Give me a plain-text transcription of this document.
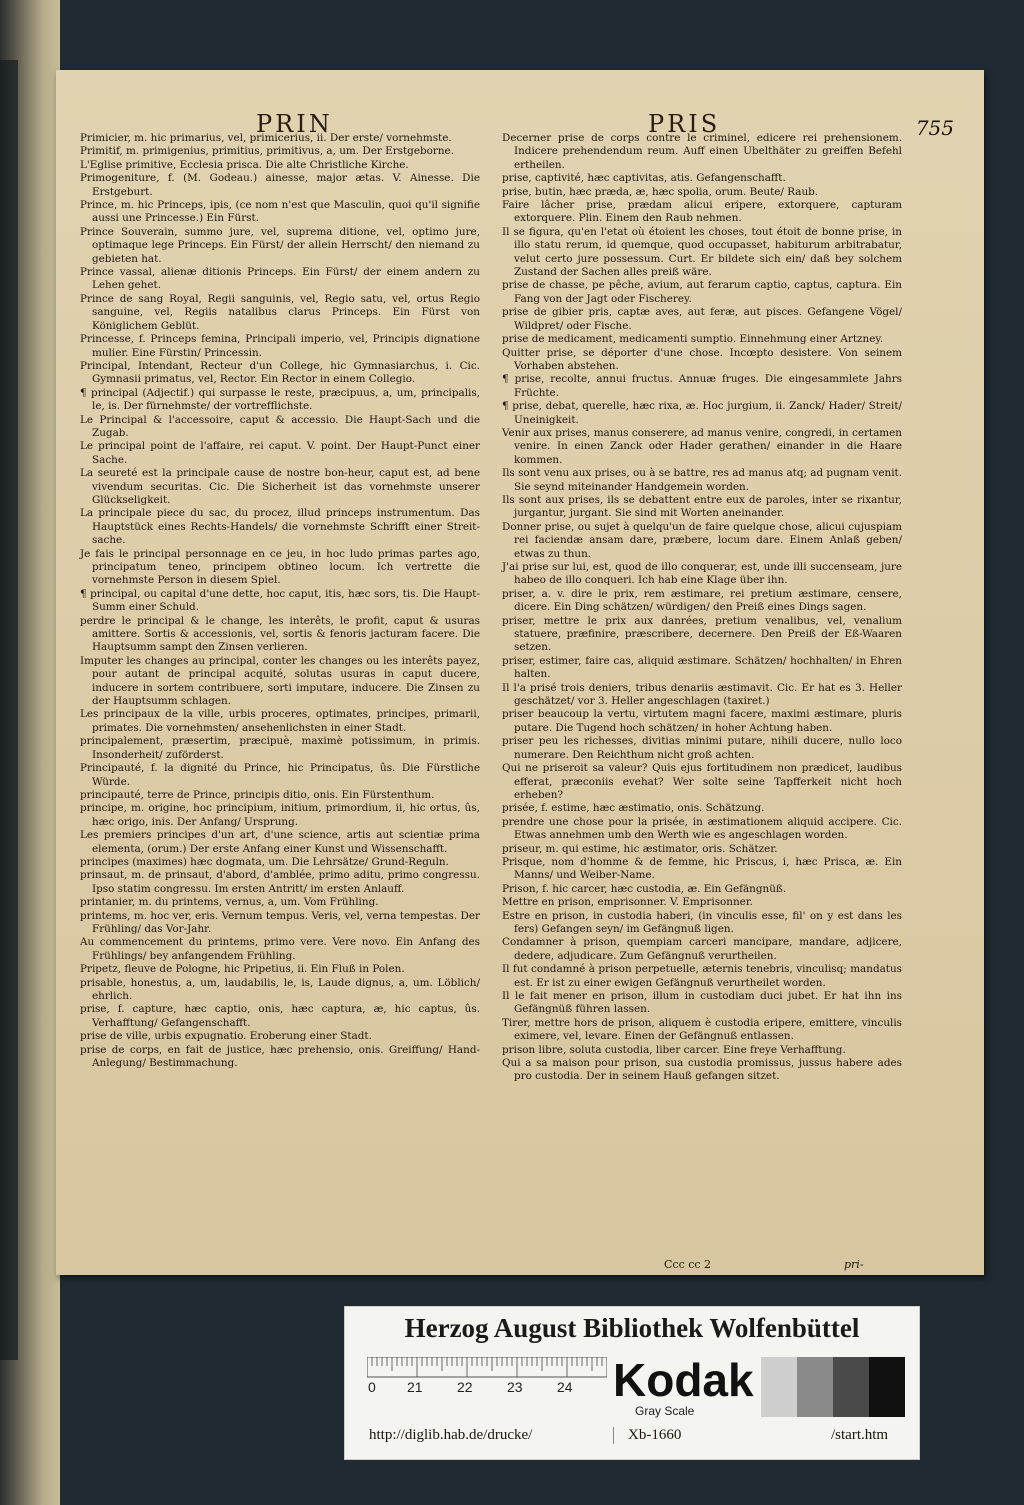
PRIN	PRIS	755

Primicier, m. hic primarius, vel, primicerius, ii. Der erste/ vornehmste.

Primitif, m. primigenius, primitius, primitivus, a, um. Der Erstgeborne.

L'Eglise primitive, Ecclesia prisca. Die alte Christliche Kirche.

Primogeniture, f. (M. Godeau.) ainesse, major ætas. V. Ainesse. Die Erstgeburt.

Prince, m. hic Princeps, ipis, (ce nom n'est que Masculin, quoi qu'il signifie aussi une Princesse.) Ein Fürst.

Prince Souverain, summo jure, vel, suprema ditione, vel, optimo jure, optimaque lege Princeps. Ein Fürst/ der allein Herrscht/ den niemand zu gebieten hat.

Prince vassal, alienæ ditionis Princeps. Ein Fürst/ der einem andern zu Lehen gehet.

Prince de sang Royal, Regii sanguinis, vel, Regio satu, vel, ortus Regio sanguine, vel, Regiis natalibus clarus Princeps. Ein Fürst von Königlichem Geblüt.

Princesse, f. Princeps femina, Principali imperio, vel, Principis dignatione mulier. Eine Fürstin/ Princessin.

Principal, Intendant, Recteur d'un College, hic Gymnasiarchus, i. Cic. Gymnasii primatus, vel, Rector. Ein Rector in einem Collegio.

¶ principal (Adjectif.) qui surpasse le reste, præcipuus, a, um, principalis, le, is. Der fürnehmste/ der vortrefflichste.

Le Principal & l'accessoire, caput & accessio. Die Haupt-Sach und die Zugab.

Le principal point de l'affaire, rei caput. V. point. Der Haupt-Punct einer Sache.

La seureté est la principale cause de nostre bon-heur, caput est, ad bene vivendum securitas. Cic. Die Sicherheit ist das vornehmste unserer Glückseligkeit.

La principale piece du sac, du procez, illud princeps instrumentum. Das Hauptstück eines Rechts-Handels/ die vornehmste Schrifft einer Streit-sache.

Je fais le principal personnage en ce jeu, in hoc ludo primas partes ago, principatum teneo, principem obtineo locum. Ich vertrette die vornehmste Person in diesem Spiel.

¶ principal, ou capital d'une dette, hoc caput, itis, hæc sors, tis. Die Haupt-Summ einer Schuld.

perdre le principal & le change, les interêts, le profit, caput & usuras amittere. Sortis & accessionis, vel, sortis & fenoris jacturam facere. Die Hauptsumm sampt den Zinsen verlieren.

Imputer les changes au principal, conter les changes ou les interêts payez, pour autant de principal acquité, solutas usuras in caput ducere, inducere in sortem contribuere, sorti imputare, inducere. Die Zinsen zu der Hauptsumm schlagen.

Les principaux de la ville, urbis proceres, optimates, principes, primarii, primates. Die vornehmsten/ ansehenlichsten in einer Stadt.

principalement, præsertim, præcipuè, maximè potissimum, in primis. Insonderheit/ zuförderst.

Principauté, f. la dignité du Prince, hic Principatus, ûs. Die Fürstliche Würde.

principauté, terre de Prince, principis ditio, onis. Ein Fürstenthum.

principe, m. origine, hoc principium, initium, primordium, ii, hic ortus, ûs, hæc origo, inis. Der Anfang/ Ursprung.

Les premiers principes d'un art, d'une science, artis aut scientiæ prima elementa, (orum.) Der erste Anfang einer Kunst und Wissenschafft.

principes (maximes) hæc dogmata, um. Die Lehrsätze/ Grund-Reguln.

prinsaut, m. de prinsaut, d'abord, d'amblée, primo aditu, primo congressu. Ipso statim congressu. Im ersten Antritt/ im ersten Anlauff.

printanier, m. du printems, vernus, a, um. Vom Frühling.

printems, m. hoc ver, eris. Vernum tempus. Veris, vel, verna tempestas. Der Frühling/ das Vor-Jahr.

Au commencement du printems, primo vere. Vere novo. Ein Anfang des Frühlings/ bey anfangendem Frühling.

Pripetz, fleuve de Pologne, hic Pripetius, ii. Ein Fluß in Polen.

prisable, honestus, a, um, laudabilis, le, is, Laude dignus, a, um. Löblich/ ehrlich.

prise, f. capture, hæc captio, onis, hæc captura, æ, hic captus, ûs. Verhafftung/ Gefangenschafft.

prise de ville, urbis expugnatio. Eroberung einer Stadt.

prise de corps, en fait de justice, hæc prehensio, onis. Greiffung/ Hand-Anlegung/ Bestimmachung.

Decerner prise de corps contre le criminel, edicere rei prehensionem. Indicere prehendendum reum. Auff einen Ubelthäter zu greiffen Befehl ertheilen.

prise, captivité, hæc captivitas, atis. Gefangenschafft.

prise, butin, hæc præda, æ, hæc spolia, orum. Beute/ Raub.

Faire lâcher prise, prædam alicui eripere, extorquere, capturam extorquere. Plin. Einem den Raub nehmen.

Il se figura, qu'en l'etat où étoient les choses, tout étoit de bonne prise, in illo statu rerum, id quemque, quod occupasset, habiturum arbitrabatur, velut certo jure possessum. Curt. Er bildete sich ein/ daß bey solchem Zustand der Sachen alles preiß wäre.

prise de chasse, pe pêche, avium, aut ferarum captio, captus, captura. Ein Fang von der Jagt oder Fischerey.

prise de gibier pris, captæ aves, aut feræ, aut pisces. Gefangene Vögel/ Wildpret/ oder Fische.

prise de medicament, medicamenti sumptio. Einnehmung einer Artzney.

Quitter prise, se déporter d'une chose. Incœpto desistere. Von seinem Vorhaben abstehen.

¶ prise, recolte, annui fructus. Annuæ fruges. Die eingesammlete Jahrs Früchte.

¶ prise, debat, querelle, hæc rixa, æ. Hoc jurgium, ii. Zanck/ Hader/ Streit/ Uneinigkeit.

Venir aux prises, manus conserere, ad manus venire, congredi, in certamen venire. In einen Zanck oder Hader gerathen/ einander in die Haare kommen.

Ils sont venu aux prises, ou à se battre, res ad manus atq; ad pugnam venit. Sie seynd miteinander Handgemein worden.

Ils sont aux prises, ils se debattent entre eux de paroles, inter se rixantur, jurgantur, jurgant. Sie sind mit Worten aneinander.

Donner prise, ou sujet à quelqu'un de faire quelque chose, alicui cujuspiam rei faciendæ ansam dare, præbere, locum dare. Einem Anlaß geben/ etwas zu thun.

J'ai prise sur lui, est, quod de illo conquerar, est, unde illi succenseam, jure habeo de illo conqueri. Ich hab eine Klage über ihn.

priser, a. v. dire le prix, rem æstimare, rei pretium æstimare, censere, dicere. Ein Ding schätzen/ würdigen/ den Preiß eines Dings sagen.

priser, mettre le prix aux danrées, pretium venalibus, vel, venalium statuere, præfinire, præscribere, decernere. Den Preiß der Eß-Waaren setzen.

priser, estimer, faire cas, aliquid æstimare. Schätzen/ hochhalten/ in Ehren halten.

Il l'a prisé trois deniers, tribus denariis æstimavit. Cic. Er hat es 3. Heller geschätzet/ vor 3. Heller angeschlagen (taxiret.)

priser beaucoup la vertu, virtutem magni facere, maximi æstimare, pluris putare. Die Tugend hoch schätzen/ in hoher Achtung haben.

priser peu les richesses, divitias minimi putare, nihili ducere, nullo loco numerare. Den Reichthum nicht groß achten.

Qui ne priseroit sa valeur? Quis ejus fortitudinem non prædicet, laudibus efferat, præconiis evehat? Wer solte seine Tapfferkeit nicht hoch erheben?

prisée, f. estime, hæc æstimatio, onis. Schätzung.

prendre une chose pour la prisée, in æstimationem aliquid accipere. Cic. Etwas annehmen umb den Werth wie es angeschlagen worden.

priseur, m. qui estime, hic æstimator, oris. Schätzer.

Prisque, nom d'homme & de femme, hic Priscus, i, hæc Prisca, æ. Ein Manns/ und Weiber-Name.

Prison, f. hic carcer, hæc custodia, æ. Ein Gefängnüß.

Mettre en prison, emprisonner. V. Emprisonner.

Estre en prison, in custodia haberi, (in vinculis esse, fil' on y est dans les fers) Gefangen seyn/ im Gefängnuß ligen.

Condamner à prison, quempiam carceri mancipare, mandare, adjicere, dedere, adjudicare. Zum Gefängnuß verurtheilen.

Il fut condamné à prison perpetuelle, æternis tenebris, vinculisq; mandatus est. Er ist zu einer ewigen Gefängnuß verurtheilet worden.

Il le fait mener en prison, illum in custodiam duci jubet. Er hat ihn ins Gefängnüß führen lassen.

Tirer, mettre hors de prison, aliquem è custodia eripere, emittere, vinculis eximere, vel, levare. Einen der Gefängnuß entlassen.

prison libre, soluta custodia, liber carcer. Eine freye Verhafftung.

Qui a sa maison pour prison, sua custodia promissus, jussus habere ades pro custodia. Der in seinem Hauß gefangen sitzet.

Ccc cc 2	pri-
Herzog August Bibliothek Wolfenbüttel
0 21 22 23 24 Kodak
Gray Scale
http://diglib.hab.de/drucke/	Xb-1660	/start.htm
